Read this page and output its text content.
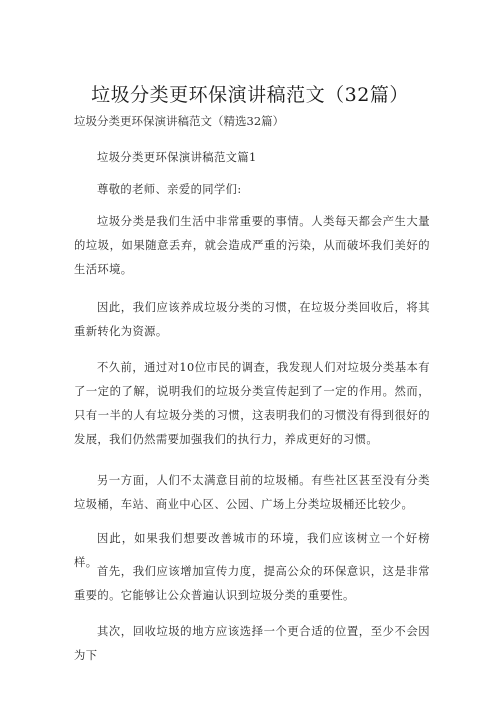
垃圾分类更环保演讲稿范文（32篇）
垃圾分类更环保演讲稿范文（精选32篇）
垃圾分类更环保演讲稿范文篇1
尊敬的老师、亲爱的同学们:
垃圾分类是我们生活中非常重要的事情。人类每天都会产生大量的垃圾，如果随意丢弃，就会造成严重的污染，从而破坏我们美好的生活环境。
因此，我们应该养成垃圾分类的习惯，在垃圾分类回收后，将其重新转化为资源。
不久前，通过对10位市民的调查，我发现人们对垃圾分类基本有了一定的了解，说明我们的垃圾分类宣传起到了一定的作用。然而，只有一半的人有垃圾分类的习惯，这表明我们的习惯没有得到很好的发展，我们仍然需要加强我们的执行力，养成更好的习惯。
另一方面，人们不太满意目前的垃圾桶。有些社区甚至没有分类垃圾桶，车站、商业中心区、公园、广场上分类垃圾桶还比较少。
因此，如果我们想要改善城市的环境，我们应该树立一个好榜样。
首先，我们应该增加宣传力度，提高公众的环保意识，这是非常重要的。它能够让公众普遍认识到垃圾分类的重要性。
其次，回收垃圾的地方应该选择一个更合适的位置，至少不会因为下
